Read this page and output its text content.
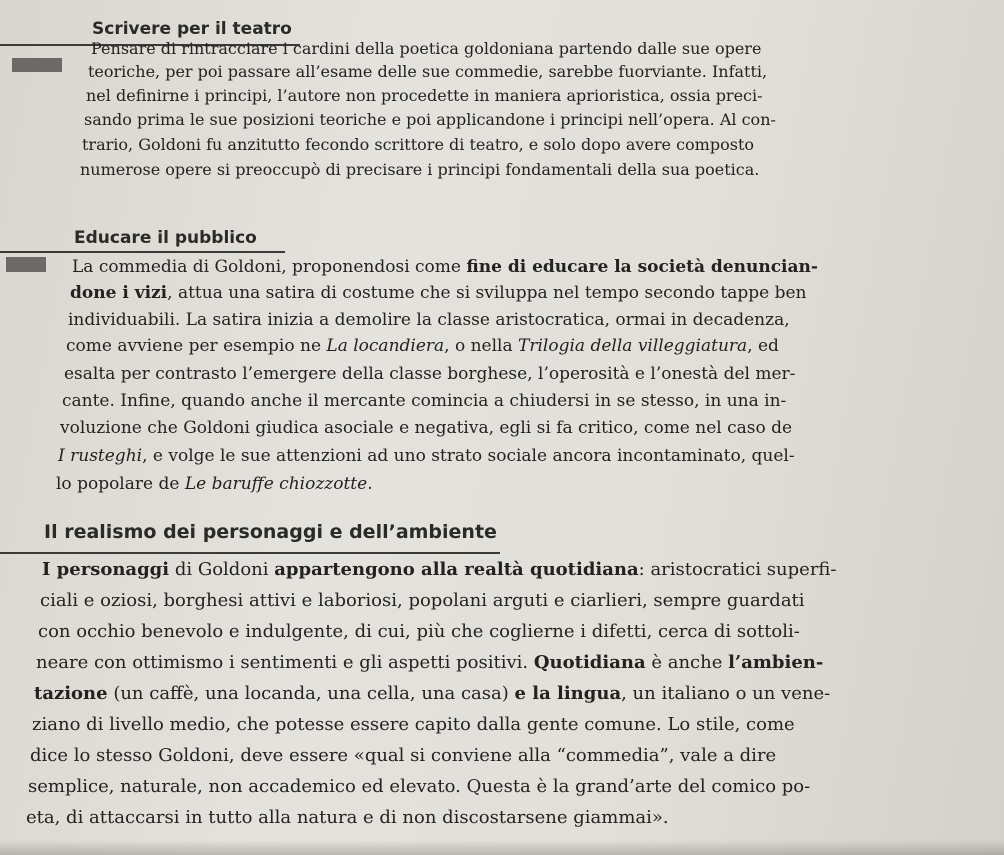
Scrivere per il teatro
Pensare di rintracciare i cardini della poetica goldoniana partendo dalle sue opere
teoriche, per poi passare all’esame delle sue commedie, sarebbe fuorviante. Infatti,
nel definirne i principi, l’autore non procedette in maniera aprioristica, ossia preci-
sando prima le sue posizioni teoriche e poi applicandone i principi nell’opera. Al con-
trario, Goldoni fu anzitutto fecondo scrittore di teatro, e solo dopo avere composto
numerose opere si preoccupò di precisare i principi fondamentali della sua poetica.
Educare il pubblico
La commedia di Goldoni, proponendosi come fine di educare la società denuncian-
done i vizi, attua una satira di costume che si sviluppa nel tempo secondo tappe ben
individuabili. La satira inizia a demolire la classe aristocratica, ormai in decadenza,
come avviene per esempio ne La locandiera, o nella Trilogia della villeggiatura, ed
esalta per contrasto l’emergere della classe borghese, l’operosità e l’onestà del mer-
cante. Infine, quando anche il mercante comincia a chiudersi in se stesso, in una in-
voluzione che Goldoni giudica asociale e negativa, egli si fa critico, come nel caso de
I rusteghi, e volge le sue attenzioni ad uno strato sociale ancora incontaminato, quel-
lo popolare de Le baruffe chiozzotte.
Il realismo dei personaggi e dell’ambiente
I personaggi di Goldoni appartengono alla realtà quotidiana: aristocratici superfi-
ciali e oziosi, borghesi attivi e laboriosi, popolani arguti e ciarlieri, sempre guardati
con occhio benevolo e indulgente, di cui, più che coglierne i difetti, cerca di sottoli-
neare con ottimismo i sentimenti e gli aspetti positivi. Quotidiana è anche l’ambien-
tazione (un caffè, una locanda, una cella, una casa) e la lingua, un italiano o un vene-
ziano di livello medio, che potesse essere capito dalla gente comune. Lo stile, come
dice lo stesso Goldoni, deve essere «qual si conviene alla “commedia”, vale a dire
semplice, naturale, non accademico ed elevato. Questa è la grand’arte del comico po-
eta, di attaccarsi in tutto alla natura e di non discostarsene giammai».
